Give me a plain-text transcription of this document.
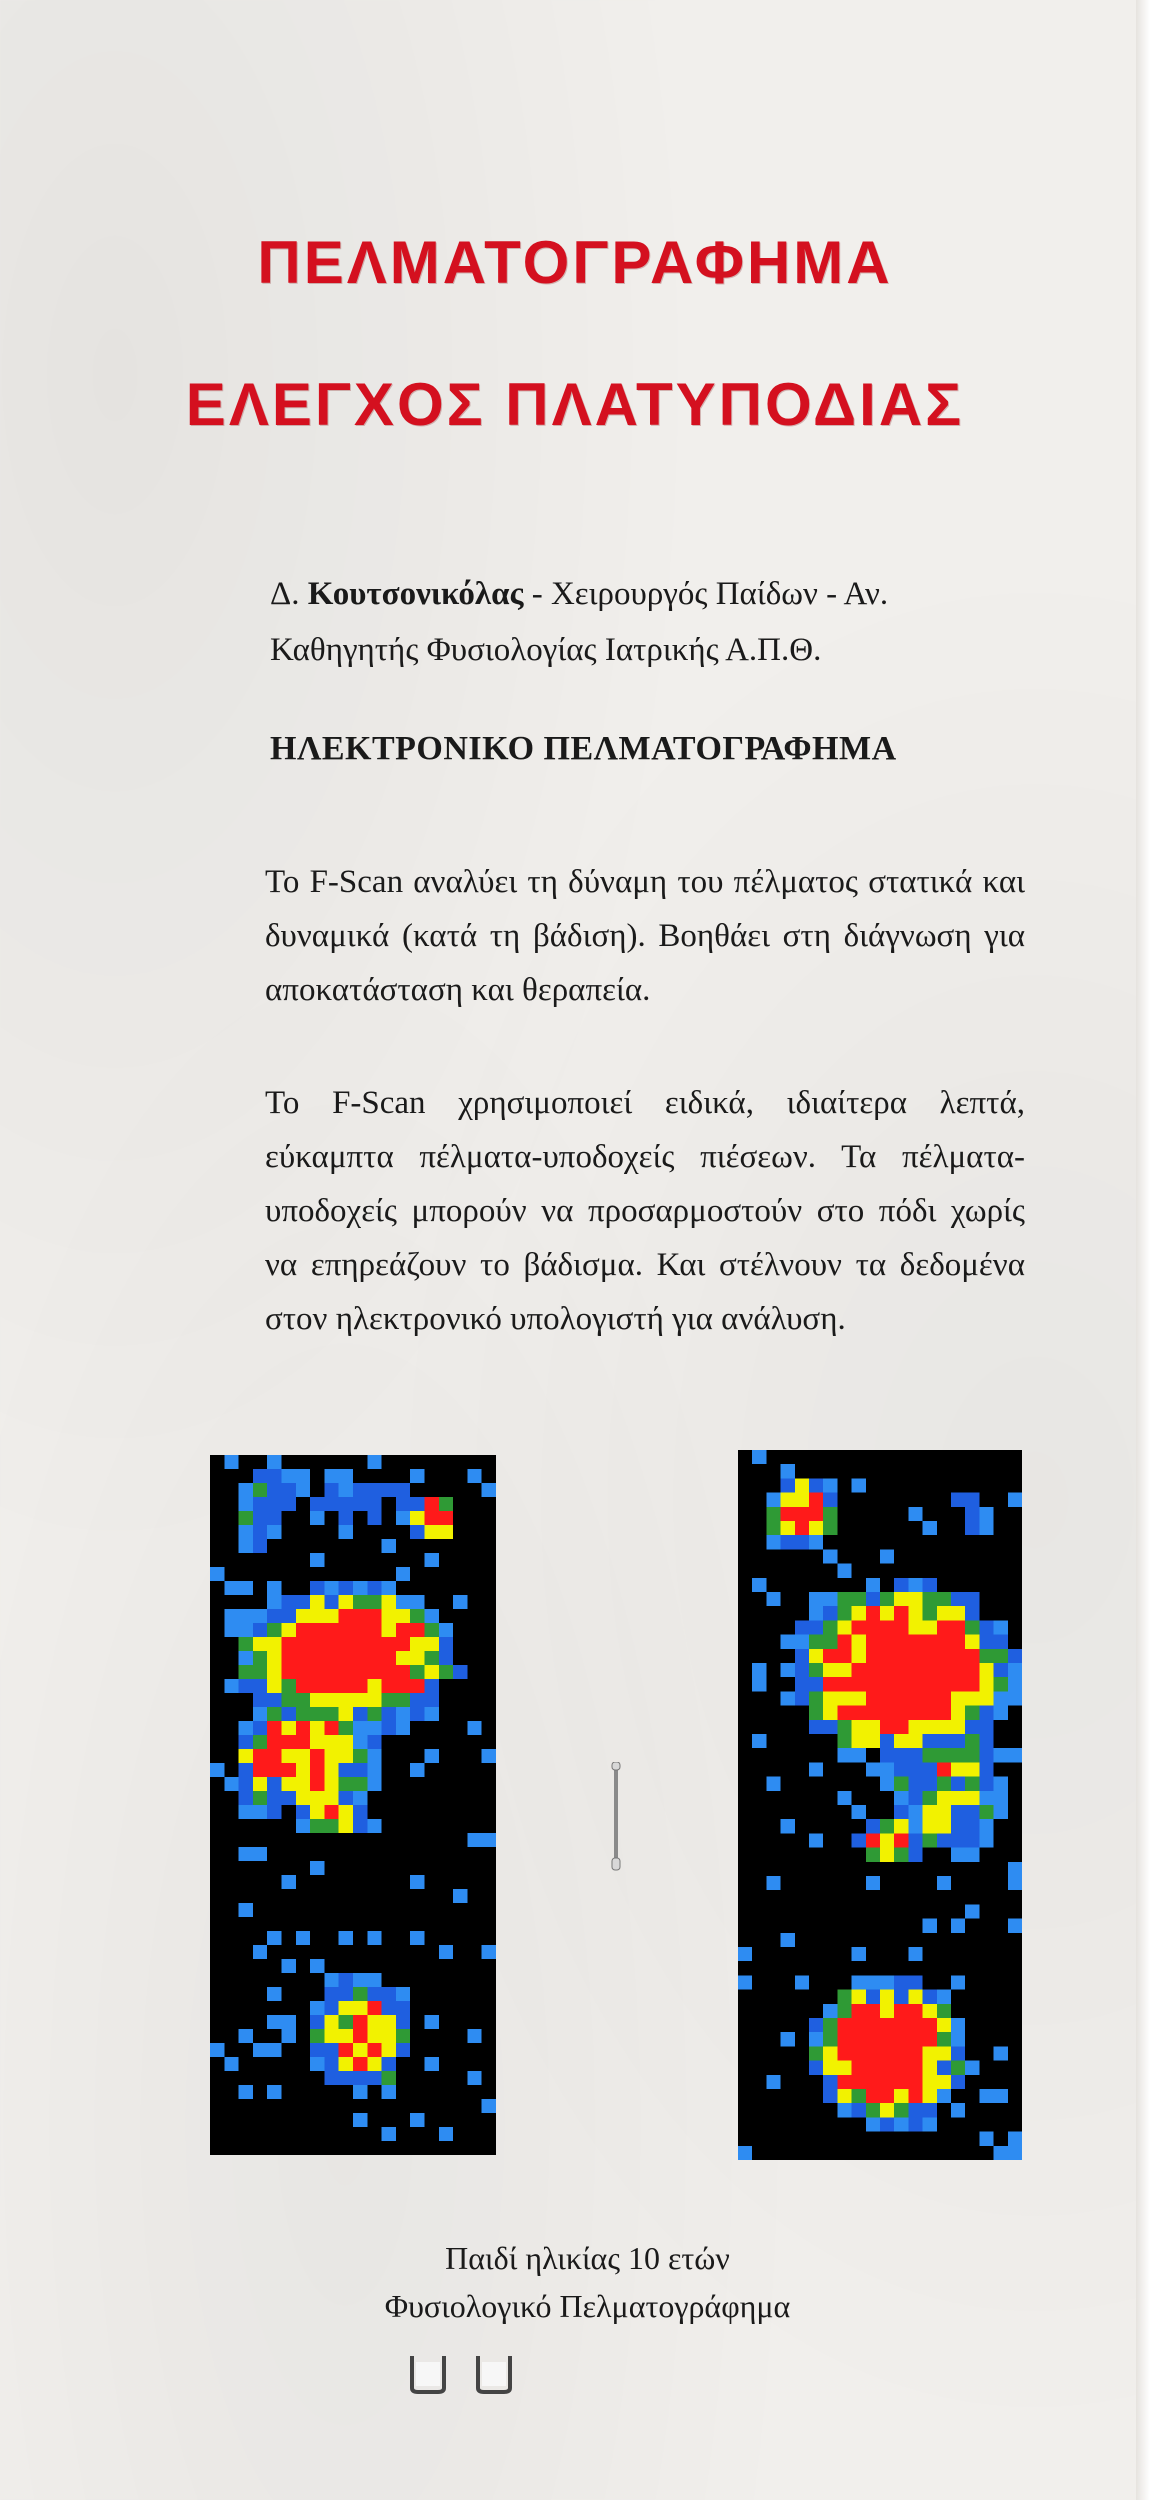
ΠΕΛΜΑΤΟΓΡΑΦΗΜΑ
ΕΛΕΓΧΟΣ ΠΛΑΤΥΠΟΔΙΑΣ

Δ. Κουτσονικόλας - Χειρουργός Παίδων - Αν. Καθηγητής Φυσιολογίας Ιατρικής Α.Π.Θ.

ΗΛΕΚΤΡΟΝΙΚΟ ΠΕΛΜΑΤΟΓΡΑΦΗΜΑ

Το F-Scan αναλύει τη δύναμη του πέλματος στατικά και δυναμικά (κατά τη βάδιση). Βοηθάει στη διάγνωση για αποκατάσταση και θεραπεία.

Το F-Scan χρησιμοποιεί ειδικά, ιδιαίτερα λεπτά, εύκαμπτα πέλματα-υποδοχείς πιέσεων. Τα πέλματα-υποδοχείς μπορούν να προσαρμοστούν στο πόδι χωρίς να επηρεάζουν το βάδισμα. Και στέλνουν τα δεδομένα στον ηλεκτρονικό υπολογιστή για ανάλυση.

Παιδί ηλικίας 10 ετών

Φυσιολογικό Πελματογράφημα
